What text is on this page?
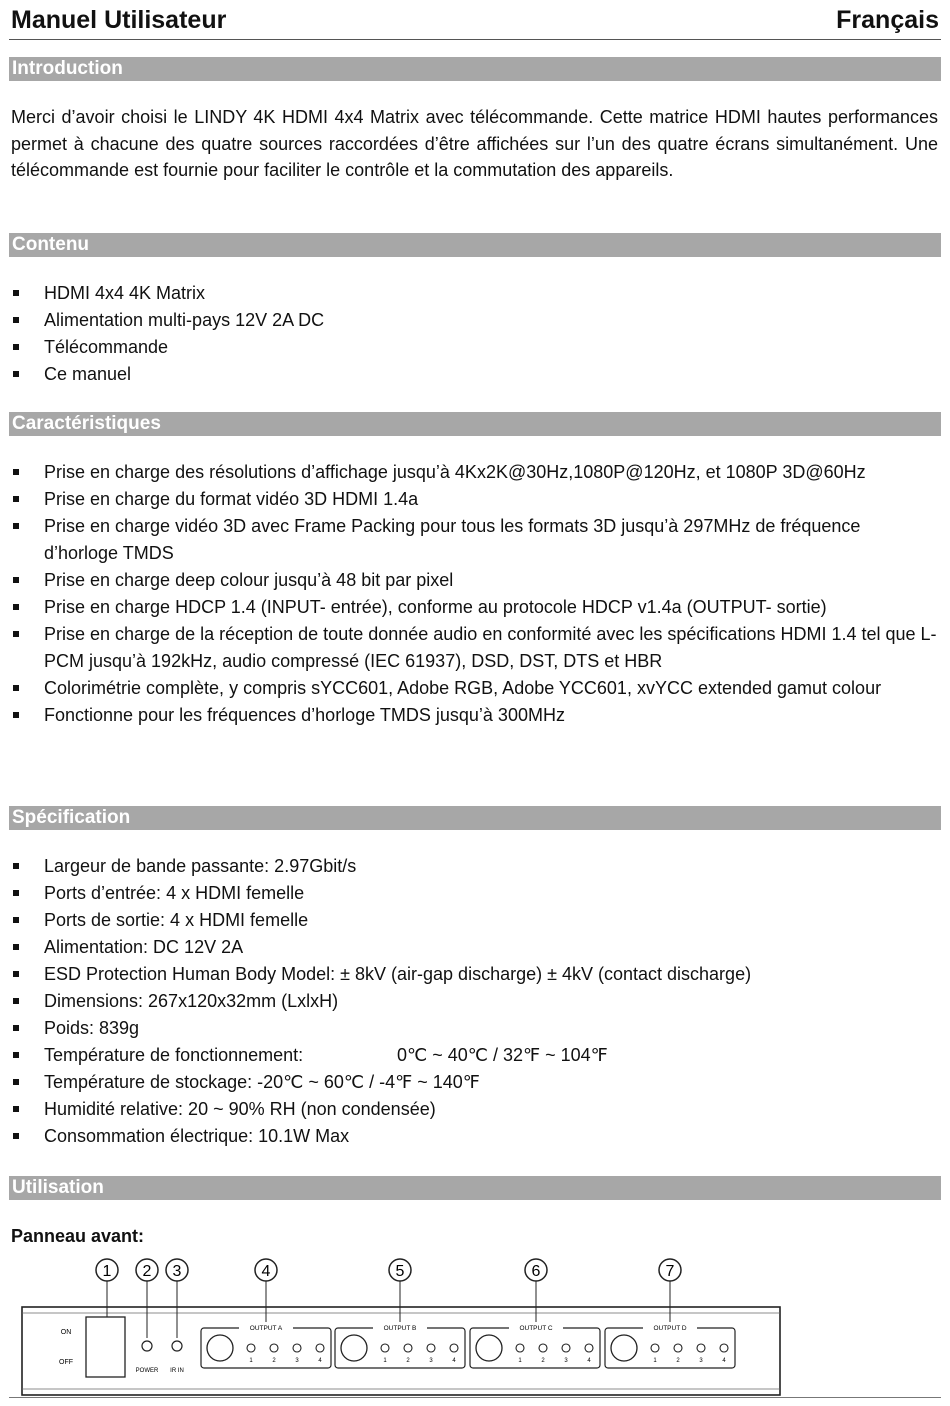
Manuel Utilisateur	Français
Introduction
Merci d’avoir choisi le LINDY 4K HDMI 4x4 Matrix avec télécommande. Cette matrice HDMI hautes performances permet à chacune des quatre sources raccordées d’être affichées sur l’un des quatre écrans simultanément. Une télécommande est fournie pour faciliter le contrôle et la commutation des appareils.
Contenu
HDMI 4x4 4K Matrix
Alimentation multi-pays 12V 2A DC
Télécommande
Ce manuel
Caractéristiques
Prise en charge des résolutions d’affichage jusqu’à 4Kx2K@30Hz,1080P@120Hz, et 1080P 3D@60Hz
Prise en charge du format vidéo 3D HDMI 1.4a
Prise en charge vidéo 3D avec Frame Packing pour tous les formats 3D jusqu’à 297MHz de fréquence d’horloge TMDS
Prise en charge deep colour jusqu’à 48 bit par pixel
Prise en charge HDCP 1.4 (INPUT- entrée), conforme au protocole HDCP v1.4a (OUTPUT- sortie)
Prise en charge de la réception de toute donnée audio en conformité avec les spécifications HDMI 1.4 tel que L-PCM jusqu’à 192kHz, audio compressé (IEC 61937), DSD, DST, DTS et HBR
Colorimétrie complète, y compris sYCC601, Adobe RGB, Adobe YCC601, xvYCC extended gamut colour
Fonctionne pour les fréquences d’horloge TMDS jusqu’à 300MHz
Spécification
Largeur de bande passante: 2.97Gbit/s
Ports d’entrée: 4 x HDMI femelle
Ports de sortie: 4 x HDMI femelle
Alimentation: DC 12V 2A
ESD Protection Human Body Model: ± 8kV (air-gap discharge) ± 4kV (contact discharge)
Dimensions: 267x120x32mm (LxlxH)
Poids: 839g
Température de fonctionnement:	0℃ ~ 40℃ / 32℉ ~ 104℉
Température de stockage: -20℃ ~ 60℃ / -4℉ ~ 140℉
Humidité relative: 20 ~ 90% RH (non condensée)
Consommation électrique: 10.1W Max
Utilisation
Panneau avant:
1 2 3	4	5	6	7
ON
OFF
POWER IR IN
OUTPUT A
1	2	3	4
OUTPUT B
1	2	3	4
OUTPUT C
1	2	3	4
OUTPUT D
1	2	3	4
